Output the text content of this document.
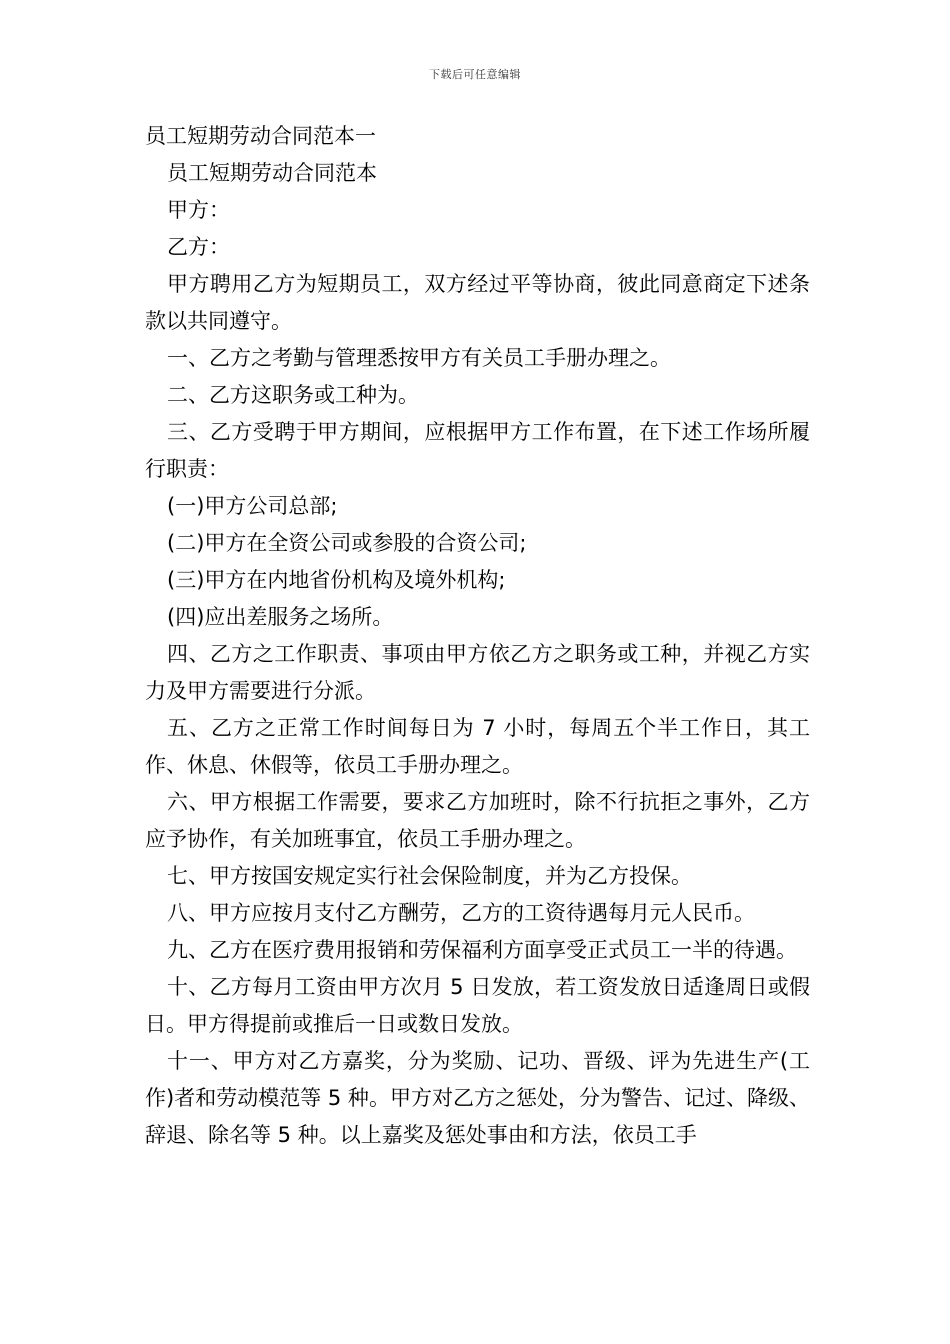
下载后可任意编辑

员工短期劳动合同范本一

员工短期劳动合同范本

甲方：

乙方：

甲方聘用乙方为短期员工，双方经过平等协商，彼此同意商定下述条款以共同遵守。

一、乙方之考勤与管理悉按甲方有关员工手册办理之。

二、乙方这职务或工种为。

三、乙方受聘于甲方期间，应根据甲方工作布置，在下述工作场所履行职责：

(一)甲方公司总部;

(二)甲方在全资公司或参股的合资公司;

(三)甲方在内地省份机构及境外机构;

(四)应出差服务之场所。

四、乙方之工作职责、事项由甲方依乙方之职务或工种，并视乙方实力及甲方需要进行分派。

五、乙方之正常工作时间每日为 7 小时，每周五个半工作日，其工作、休息、休假等，依员工手册办理之。

六、甲方根据工作需要，要求乙方加班时，除不行抗拒之事外，乙方应予协作，有关加班事宜，依员工手册办理之。

七、甲方按国安规定实行社会保险制度，并为乙方投保。

八、甲方应按月支付乙方酬劳，乙方的工资待遇每月元人民币。

九、乙方在医疗费用报销和劳保福利方面享受正式员工一半的待遇。

十、乙方每月工资由甲方次月 5 日发放，若工资发放日适逢周日或假日。甲方得提前或推后一日或数日发放。

十一、甲方对乙方嘉奖，分为奖励、记功、晋级、评为先进生产(工作)者和劳动模范等 5 种。甲方对乙方之惩处，分为警告、记过、降级、辞退、除名等 5 种。以上嘉奖及惩处事由和方法，依员工手
